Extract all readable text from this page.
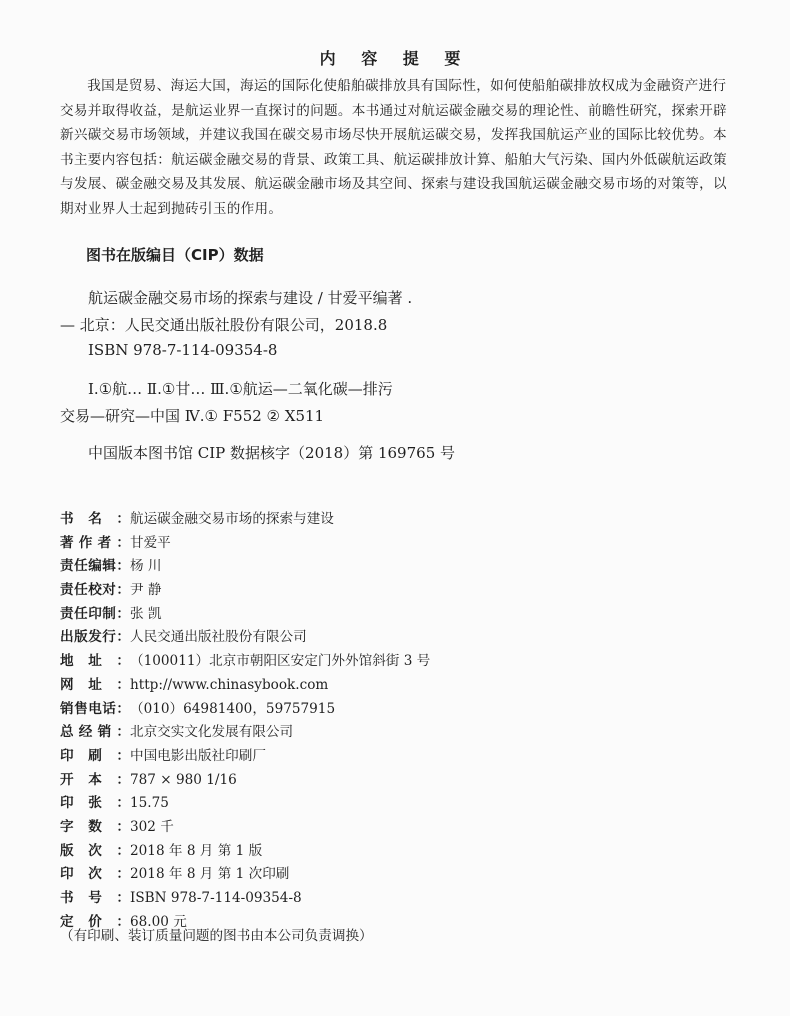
内 容 提 要

我国是贸易、海运大国，海运的国际化使船舶碳排放具有国际性，如何使船舶碳排放权成为金融资产进行交易并取得收益，是航运业界一直探讨的问题。本书通过对航运碳金融交易的理论性、前瞻性研究，探索开辟新兴碳交易市场领域，并建议我国在碳交易市场尽快开展航运碳交易，发挥我国航运产业的国际比较优势。本书主要内容包括：航运碳金融交易的背景、政策工具、航运碳排放计算、船舶大气污染、国内外低碳航运政策与发展、碳金融交易及其发展、航运碳金融市场及其空间、探索与建设我国航运碳金融交易市场的对策等，以期对业界人士起到抛砖引玉的作用。

图书在版编目（CIP）数据

航运碳金融交易市场的探索与建设 / 甘爱平编著 .

— 北京：人民交通出版社股份有限公司，2018.8

ISBN 978-7-114-09354-8

Ⅰ.①航… Ⅱ.①甘… Ⅲ.①航运—二氧化碳—排污

交易—研究—中国 Ⅳ.① F552 ② X511

中国版本图书馆 CIP 数据核字（2018）第 169765 号

书名：航运碳金融交易市场的探索与建设
著作者：甘爱平
责任编辑：杨 川
责任校对：尹 静
责任印制：张 凯
出版发行：人民交通出版社股份有限公司
地址：（100011）北京市朝阳区安定门外外馆斜街 3 号
网址：http://www.chinasybook.com
销售电话：（010）64981400，59757915
总经销：北京交实文化发展有限公司
印刷：中国电影出版社印刷厂
开本：787 × 980 1/16
印张：15.75
字数：302 千
版次：2018 年 8 月 第 1 版
印次：2018 年 8 月 第 1 次印刷
书号：ISBN 978-7-114-09354-8
定价：68.00 元
（有印刷、装订质量问题的图书由本公司负责调换）
